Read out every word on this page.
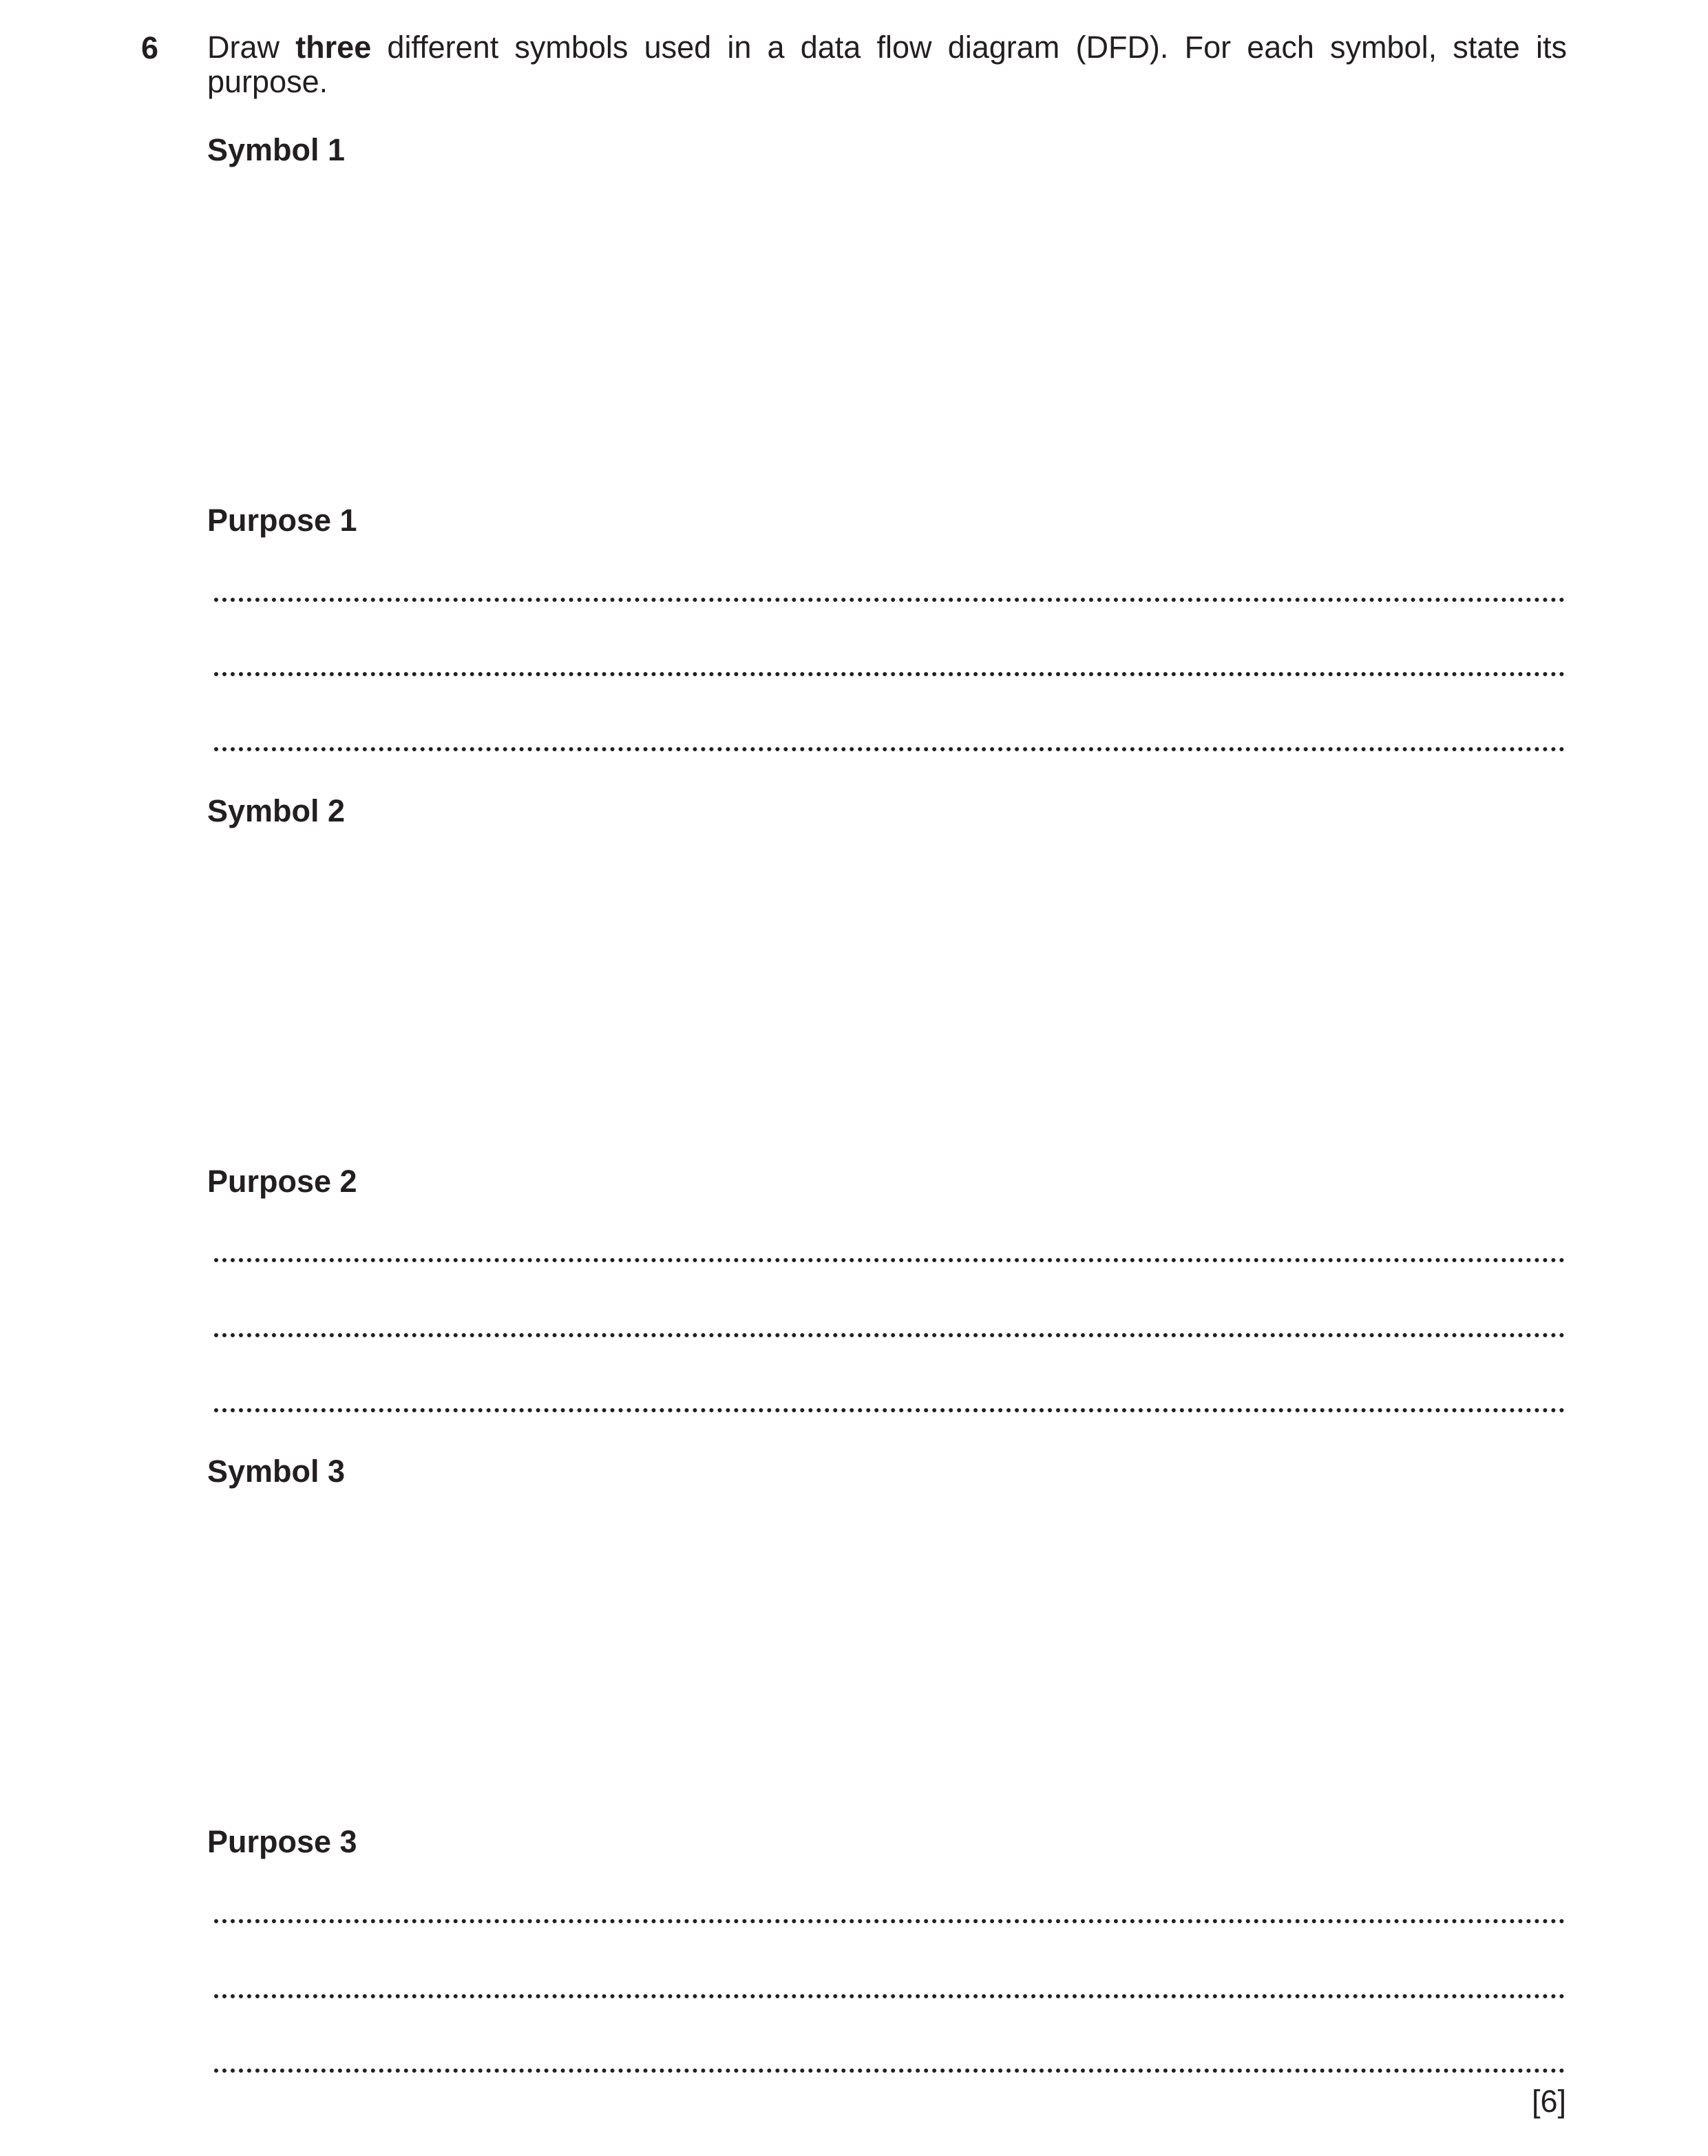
6 Draw three different symbols used in a data flow diagram (DFD). For each symbol, state its purpose.
Symbol 1
Purpose 1
Symbol 2
Purpose 2
Symbol 3
Purpose 3
[6]
